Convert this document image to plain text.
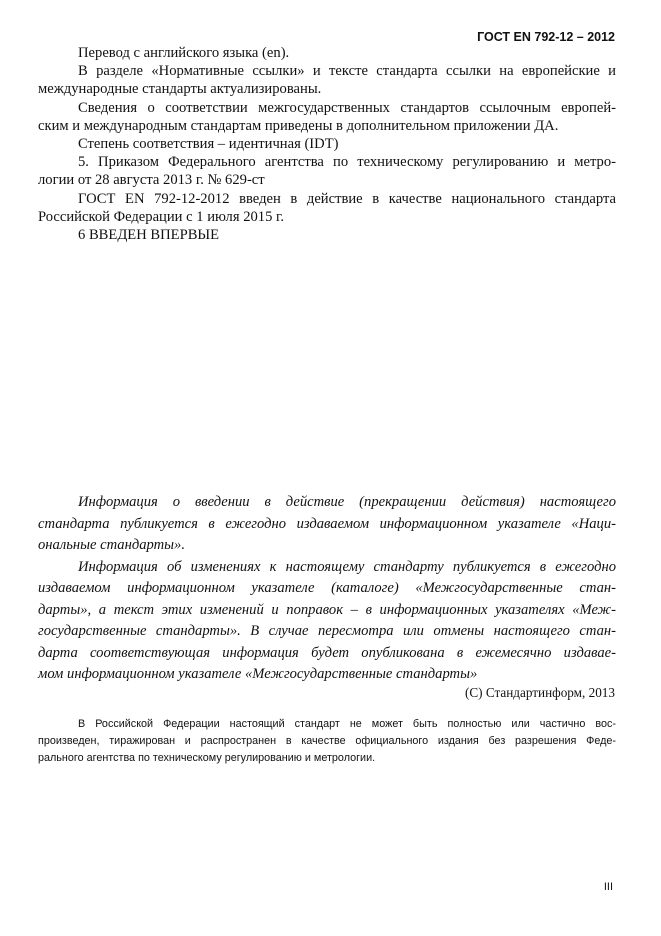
ГОСТ EN 792-12 – 2012
Перевод с английского языка (en).
В разделе «Нормативные ссылки» и тексте стандарта ссылки на европейские и
международные стандарты актуализированы.
Сведения о соответствии межгосударственных стандартов ссылочным европей-
ским и международным стандартам приведены в дополнительном приложении ДА.
Степень соответствия – идентичная (IDT)
5. Приказом Федерального агентства по техническому регулированию и метро-
логии от 28 августа 2013 г. № 629-ст
ГОСТ EN 792-12-2012 введен в действие в качестве национального стандарта
Российской Федерации с 1 июля 2015 г.
6 ВВЕДЕН ВПЕРВЫЕ
Информация о введении в действие (прекращении действия) настоящего
стандарта публикуется в ежегодно издаваемом информационном указателе «Наци-
ональные стандарты».
Информация об изменениях к настоящему стандарту публикуется в ежегодно
издаваемом информационном указателе (каталоге) «Межгосударственные стан-
дарты», а текст этих изменений и поправок – в информационных указателях «Меж-
государственные стандарты». В случае пересмотра или отмены настоящего стан-
дарта соответствующая информация будет опубликована в ежемесячно издавае-
мом информационном указателе «Межгосударственные стандарты»
(С) Стандартинформ, 2013
В Российской Федерации настоящий стандарт не может быть полностью или частично вос-
произведен, тиражирован и распространен в качестве официального издания без разрешения Феде-
рального агентства по техническому регулированию и метрологии.
III
